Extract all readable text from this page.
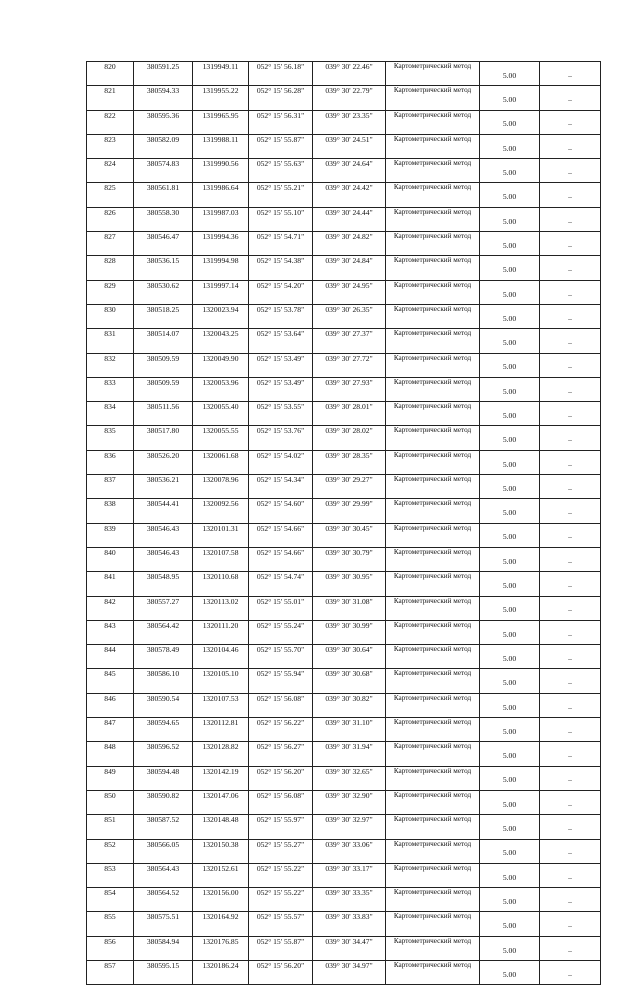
820	380591.25	1319949.11	052° 15' 56.18"	039° 30' 22.46"	Картометрический метод	5.00	–
821	380594.33	1319955.22	052° 15' 56.28"	039° 30' 22.79"	Картометрический метод	5.00	–
822	380595.36	1319965.95	052° 15' 56.31"	039° 30' 23.35"	Картометрический метод	5.00	–
823	380582.09	1319988.11	052° 15' 55.87"	039° 30' 24.51"	Картометрический метод	5.00	–
824	380574.83	1319990.56	052° 15' 55.63"	039° 30' 24.64"	Картометрический метод	5.00	–
825	380561.81	1319986.64	052° 15' 55.21"	039° 30' 24.42"	Картометрический метод	5.00	–
826	380558.30	1319987.03	052° 15' 55.10"	039° 30' 24.44"	Картометрический метод	5.00	–
827	380546.47	1319994.36	052° 15' 54.71"	039° 30' 24.82"	Картометрический метод	5.00	–
828	380536.15	1319994.98	052° 15' 54.38"	039° 30' 24.84"	Картометрический метод	5.00	–
829	380530.62	1319997.14	052° 15' 54.20"	039° 30' 24.95"	Картометрический метод	5.00	–
830	380518.25	1320023.94	052° 15' 53.78"	039° 30' 26.35"	Картометрический метод	5.00	–
831	380514.07	1320043.25	052° 15' 53.64"	039° 30' 27.37"	Картометрический метод	5.00	–
832	380509.59	1320049.90	052° 15' 53.49"	039° 30' 27.72"	Картометрический метод	5.00	–
833	380509.59	1320053.96	052° 15' 53.49"	039° 30' 27.93"	Картометрический метод	5.00	–
834	380511.56	1320055.40	052° 15' 53.55"	039° 30' 28.01"	Картометрический метод	5.00	–
835	380517.80	1320055.55	052° 15' 53.76"	039° 30' 28.02"	Картометрический метод	5.00	–
836	380526.20	1320061.68	052° 15' 54.02"	039° 30' 28.35"	Картометрический метод	5.00	–
837	380536.21	1320078.96	052° 15' 54.34"	039° 30' 29.27"	Картометрический метод	5.00	–
838	380544.41	1320092.56	052° 15' 54.60"	039° 30' 29.99"	Картометрический метод	5.00	–
839	380546.43	1320101.31	052° 15' 54.66"	039° 30' 30.45"	Картометрический метод	5.00	–
840	380546.43	1320107.58	052° 15' 54.66"	039° 30' 30.79"	Картометрический метод	5.00	–
841	380548.95	1320110.68	052° 15' 54.74"	039° 30' 30.95"	Картометрический метод	5.00	–
842	380557.27	1320113.02	052° 15' 55.01"	039° 30' 31.08"	Картометрический метод	5.00	–
843	380564.42	1320111.20	052° 15' 55.24"	039° 30' 30.99"	Картометрический метод	5.00	–
844	380578.49	1320104.46	052° 15' 55.70"	039° 30' 30.64"	Картометрический метод	5.00	–
845	380586.10	1320105.10	052° 15' 55.94"	039° 30' 30.68"	Картометрический метод	5.00	–
846	380590.54	1320107.53	052° 15' 56.08"	039° 30' 30.82"	Картометрический метод	5.00	–
847	380594.65	1320112.81	052° 15' 56.22"	039° 30' 31.10"	Картометрический метод	5.00	–
848	380596.52	1320128.82	052° 15' 56.27"	039° 30' 31.94"	Картометрический метод	5.00	–
849	380594.48	1320142.19	052° 15' 56.20"	039° 30' 32.65"	Картометрический метод	5.00	–
850	380590.82	1320147.06	052° 15' 56.08"	039° 30' 32.90"	Картометрический метод	5.00	–
851	380587.52	1320148.48	052° 15' 55.97"	039° 30' 32.97"	Картометрический метод	5.00	–
852	380566.05	1320150.38	052° 15' 55.27"	039° 30' 33.06"	Картометрический метод	5.00	–
853	380564.43	1320152.61	052° 15' 55.22"	039° 30' 33.17"	Картометрический метод	5.00	–
854	380564.52	1320156.00	052° 15' 55.22"	039° 30' 33.35"	Картометрический метод	5.00	–
855	380575.51	1320164.92	052° 15' 55.57"	039° 30' 33.83"	Картометрический метод	5.00	–
856	380584.94	1320176.85	052° 15' 55.87"	039° 30' 34.47"	Картометрический метод	5.00	–
857	380595.15	1320186.24	052° 15' 56.20"	039° 30' 34.97"	Картометрический метод	5.00	–
